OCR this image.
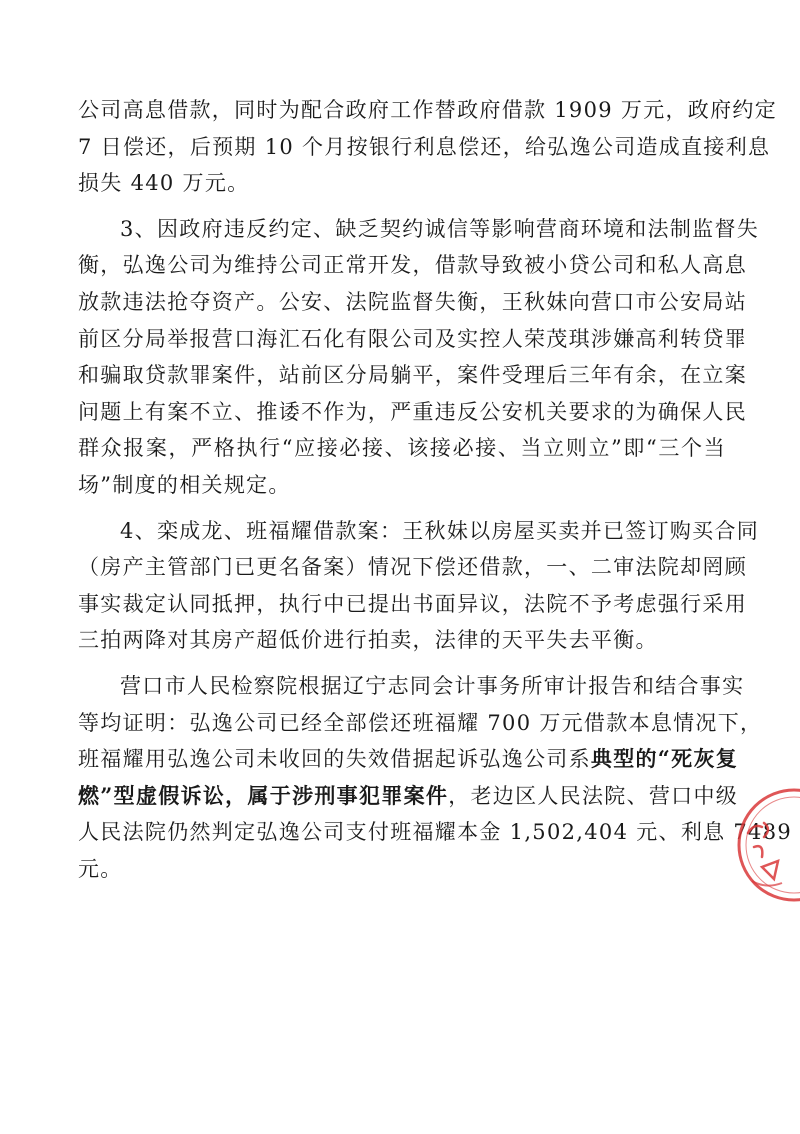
公司高息借款，同时为配合政府工作替政府借款 1909 万元，政府约定
7 日偿还，后预期 10 个月按银行利息偿还，给弘逸公司造成直接利息
损失 440 万元。
3、因政府违反约定、缺乏契约诚信等影响营商环境和法制监督失
衡，弘逸公司为维持公司正常开发，借款导致被小贷公司和私人高息
放款违法抢夺资产。公安、法院监督失衡，王秋妹向营口市公安局站
前区分局举报营口海汇石化有限公司及实控人荣茂琪涉嫌高利转贷罪
和骗取贷款罪案件，站前区分局躺平，案件受理后三年有余，在立案
问题上有案不立、推诿不作为，严重违反公安机关要求的为确保人民
群众报案，严格执行“应接必接、该接必接、当立则立”即“三个当
场”制度的相关规定。
4、栾成龙、班福耀借款案：王秋妹以房屋买卖并已签订购买合同
（房产主管部门已更名备案）情况下偿还借款，一、二审法院却罔顾
事实裁定认同抵押，执行中已提出书面异议，法院不予考虑强行采用
三拍两降对其房产超低价进行拍卖，法律的天平失去平衡。
营口市人民检察院根据辽宁志同会计事务所审计报告和结合事实
等均证明：弘逸公司已经全部偿还班福耀 700 万元借款本息情况下，
班福耀用弘逸公司未收回的失效借据起诉弘逸公司系典型的“死灰复
燃”型虚假诉讼，属于涉刑事犯罪案件，老边区人民法院、营口中级
人民法院仍然判定弘逸公司支付班福耀本金 1,502,404 元、利息 7489
元。
